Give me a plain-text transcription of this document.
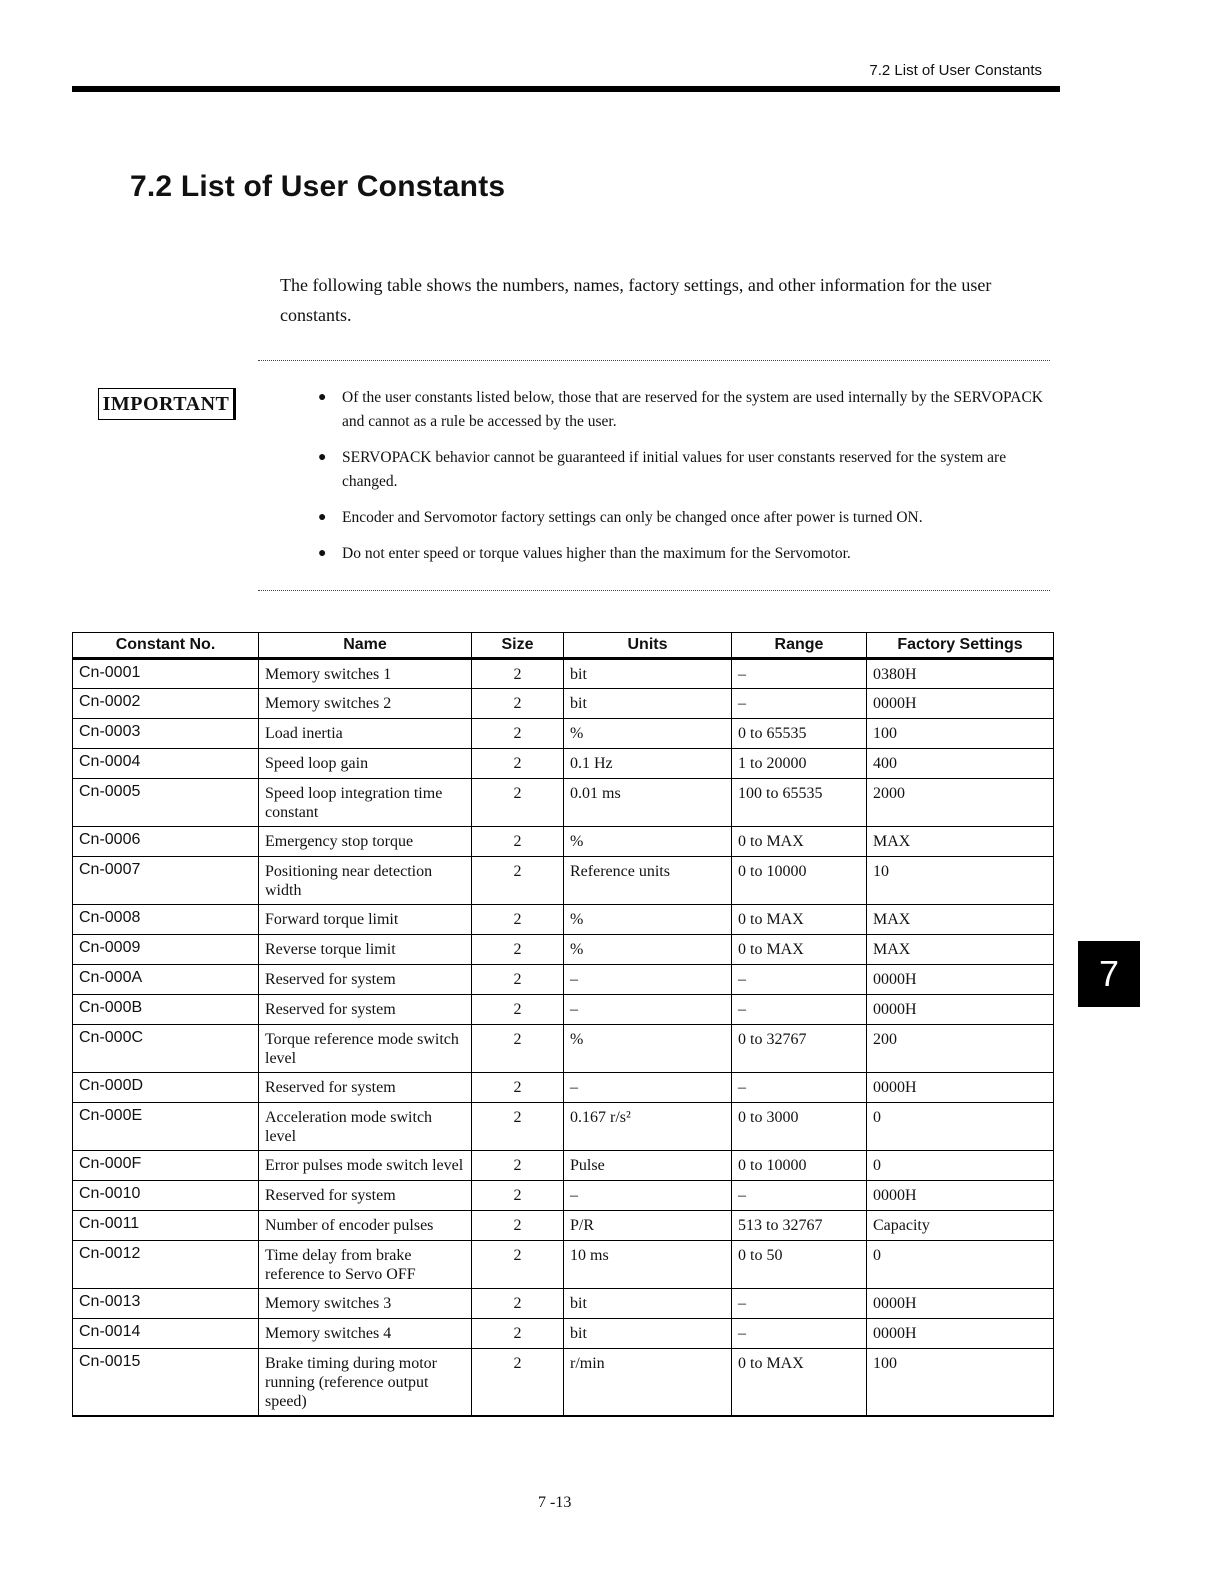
7.2 List of User Constants
7.2 List of User Constants

The following table shows the numbers, names, factory settings, and other information for the user constants.

IMPORTANT	● Of the user constants listed below, those that are reserved for the system are used internally by the SERVOPACK and cannot as a rule be accessed by the user.
● SERVOPACK behavior cannot be guaranteed if initial values for user constants reserved for the system are changed.
● Encoder and Servomotor factory settings can only be changed once after power is turned ON.
● Do not enter speed or torque values higher than the maximum for the Servomotor.
Constant No.	Name	Size	Units	Range	Factory Settings
Cn-0001	Memory switches 1	2	bit	–	0380H
Cn-0002	Memory switches 2	2	bit	–	0000H
Cn-0003	Load inertia	2	%	0 to 65535	100
Cn-0004	Speed loop gain	2	0.1 Hz	1 to 20000	400
Cn-0005	Speed loop integration time constant	2	0.01 ms	100 to 65535	2000
Cn-0006	Emergency stop torque	2	%	0 to MAX	MAX
Cn-0007	Positioning near detection width	2	Reference units	0 to 10000	10
Cn-0008	Forward torque limit	2	%	0 to MAX	MAX
Cn-0009	Reverse torque limit	2	%	0 to MAX	MAX
Cn-000A	Reserved for system	2	–	–	0000H
Cn-000B	Reserved for system	2	–	–	0000H
Cn-000C	Torque reference mode switch level	2	%	0 to 32767	200
Cn-000D	Reserved for system	2	–	–	0000H
Cn-000E	Acceleration mode switch level	2	0.167 r/s²	0 to 3000	0
Cn-000F	Error pulses mode switch level	2	Pulse	0 to 10000	0
Cn-0010	Reserved for system	2	–	–	0000H
Cn-0011	Number of encoder pulses	2	P/R	513 to 32767	Capacity
Cn-0012	Time delay from brake reference to Servo OFF	2	10 ms	0 to 50	0
Cn-0013	Memory switches 3	2	bit	–	0000H
Cn-0014	Memory switches 4	2	bit	–	0000H
Cn-0015	Brake timing during motor running (reference output speed)	2	r/min	0 to MAX	100
7
7 -13
